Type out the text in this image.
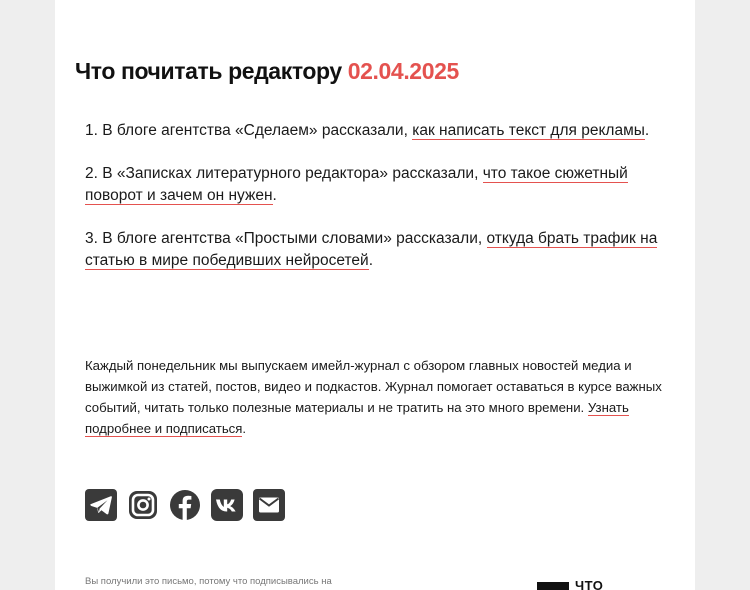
Что почитать редактору 02.04.2025
1. В блоге агентства «Сделаем» рассказали, как написать текст для рекламы.
2. В «Записках литературного редактора» рассказали, что такое сюжетный поворот и зачем он нужен.
3. В блоге агентства «Простыми словами» рассказали, откуда брать трафик на статью в мире победивших нейросетей.

Каждый понедельник мы выпускаем имейл-журнал с обзором главных новостей медиа и выжимкой из статей, постов, видео и подкастов. Журнал помогает оставаться в курсе важных событий, читать только полезные материалы и не тратить на это много времени. Узнать подробнее и подписаться.

Вы получили это письмо, потому что подписывались на	ЧТО
